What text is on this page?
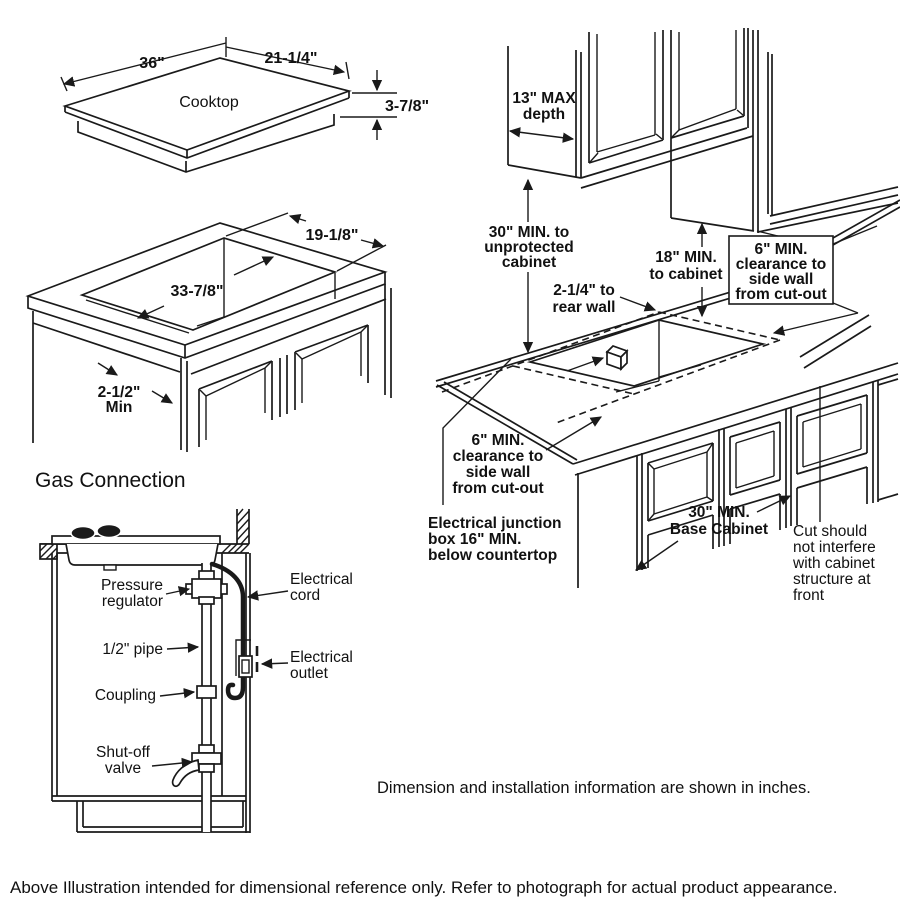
36"	21-1/4"
3-7/8"
Cooktop
19-1/8"
33-7/8"
2-1/2"
Min
Gas Connection
Pressure
regulator
1/2" pipe
Coupling
Shut-off
valve
Electrical
cord
Electrical
outlet
13" MAX
depth
30" MIN. to
unprotected
cabinet	18" MIN.
to cabinet
2-1/4" to
rear wall
6" MIN.
clearance to
side wall
from cut-out
6" MIN.
clearance to
side wall
from cut-out
Electrical junction
box 16" MIN.
below countertop
30" MIN.
Base Cabinet Cut should
not interfere
with cabinet
structure at
front
Dimension and installation information are shown in inches.
Above Illustration intended for dimensional reference only. Refer to photograph for actual product appearance.
